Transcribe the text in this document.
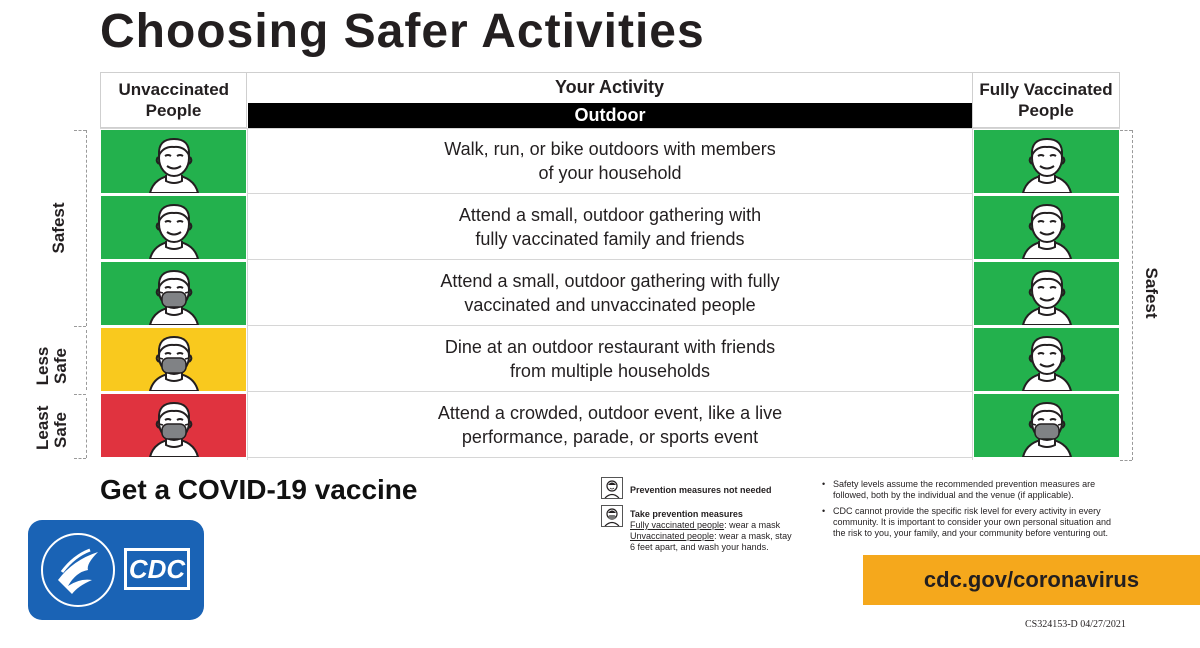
Choosing Safer Activities
Unvaccinated People
Your Activity
Outdoor
Fully Vaccinated People
Walk, run, or bike outdoors with members
of your household
Attend a small, outdoor gathering with
fully vaccinated family and friends
Attend a small, outdoor gathering with fully
vaccinated and unvaccinated people
Dine at an outdoor restaurant with friends
from multiple households
Attend a crowded, outdoor event, like a live
performance, parade, or sports event
Safest
Less Safe
Least Safe
Safest
Get a COVID-19 vaccine
CDC
Prevention measures not needed
Take prevention measures
Fully vaccinated people: wear a mask
Unvaccinated people: wear a mask, stay
6 feet apart, and wash your hands.
• Safety levels assume the recommended prevention measures are
followed, both by the individual and the venue (if applicable).
• CDC cannot provide the specific risk level for every activity in every
community. It is important to consider your own personal situation and
the risk to you, your family, and your community before venturing out.
cdc.gov/coronavirus
CS324153-D 04/27/2021
